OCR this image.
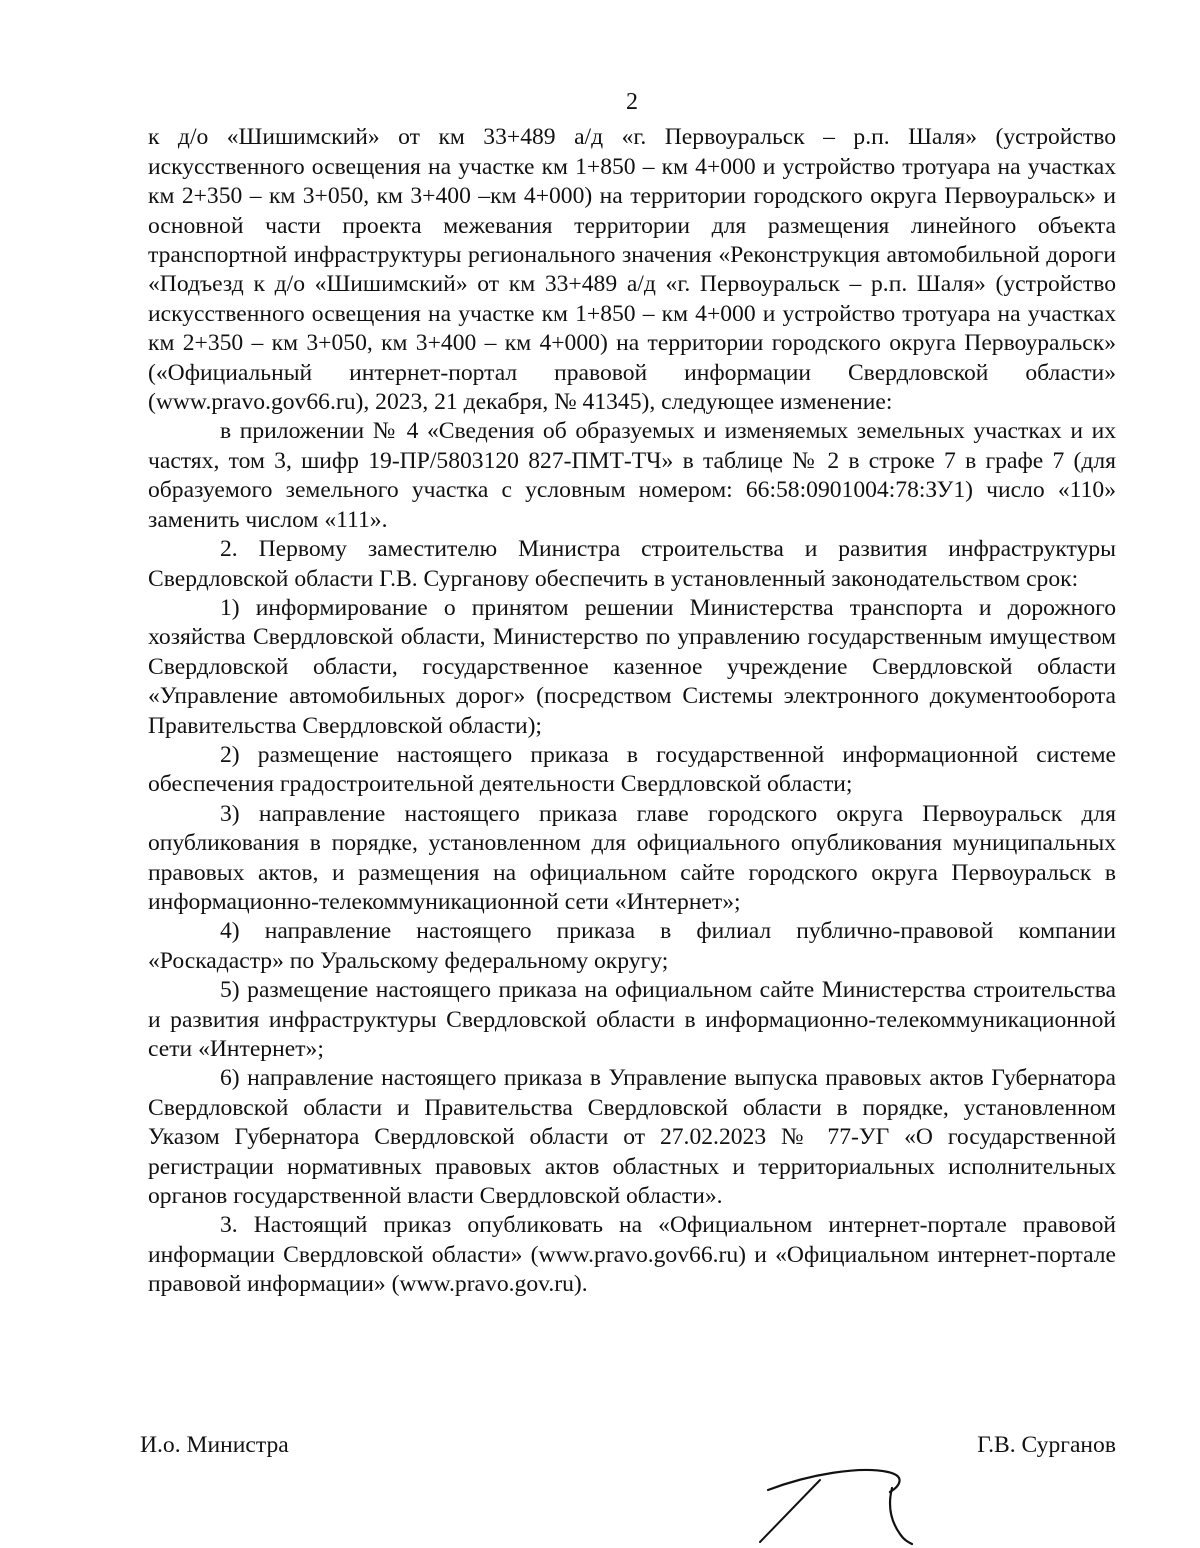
2

к д/о «Шишимский» от км 33+489 а/д «г. Первоуральск – р.п. Шаля» (устройство искусственного освещения на участке км 1+850 – км 4+000 и устройство тротуара на участках км 2+350 – км 3+050, км 3+400 –км 4+000) на территории городского округа Первоуральск» и основной части проекта межевания территории для размещения линейного объекта транспортной инфраструктуры регионального значения «Реконструкция автомобильной дороги «Подъезд к д/о «Шишимский» от км 33+489 а/д «г. Первоуральск – р.п. Шаля» (устройство искусственного освещения на участке км 1+850 – км 4+000 и устройство тротуара на участках км 2+350 – км 3+050, км 3+400 – км 4+000) на территории городского округа Первоуральск» («Официальный интернет-портал правовой информации Свердловской области» (www.pravo.gov66.ru), 2023, 21 декабря, № 41345), следующее изменение:

в приложении № 4 «Сведения об образуемых и изменяемых земельных участках и их частях, том 3, шифр 19-ПР/5803120 827-ПМТ-ТЧ» в таблице № 2 в строке 7 в графе 7 (для образуемого земельного участка с условным номером: 66:58:0901004:78:ЗУ1) число «110» заменить числом «111».

2. Первому заместителю Министра строительства и развития инфраструктуры Свердловской области Г.В. Сурганову обеспечить в установленный законодательством срок:

1) информирование о принятом решении Министерства транспорта и дорожного хозяйства Свердловской области, Министерство по управлению государственным имуществом Свердловской области, государственное казенное учреждение Свердловской области «Управление автомобильных дорог» (посредством Системы электронного документооборота Правительства Свердловской области);

2) размещение настоящего приказа в государственной информационной системе обеспечения градостроительной деятельности Свердловской области;

3) направление настоящего приказа главе городского округа Первоуральск для опубликования в порядке, установленном для официального опубликования муниципальных правовых актов, и размещения на официальном сайте городского округа Первоуральск в информационно-телекоммуникационной сети «Интернет»;

4) направление настоящего приказа в филиал публично-правовой компании «Роскадастр» по Уральскому федеральному округу;

5) размещение настоящего приказа на официальном сайте Министерства строительства и развития инфраструктуры Свердловской области в информационно-телекоммуникационной сети «Интернет»;

6) направление настоящего приказа в Управление выпуска правовых актов Губернатора Свердловской области и Правительства Свердловской области в порядке, установленном Указом Губернатора Свердловской области от 27.02.2023 № 77-УГ «О государственной регистрации нормативных правовых актов областных и территориальных исполнительных органов государственной власти Свердловской области».

3. Настоящий приказ опубликовать на «Официальном интернет-портале правовой информации Свердловской области» (www.pravo.gov66.ru) и «Официальном интернет-портале правовой информации» (www.pravo.gov.ru).

И.о. Министра	Г.В. Сурганов
